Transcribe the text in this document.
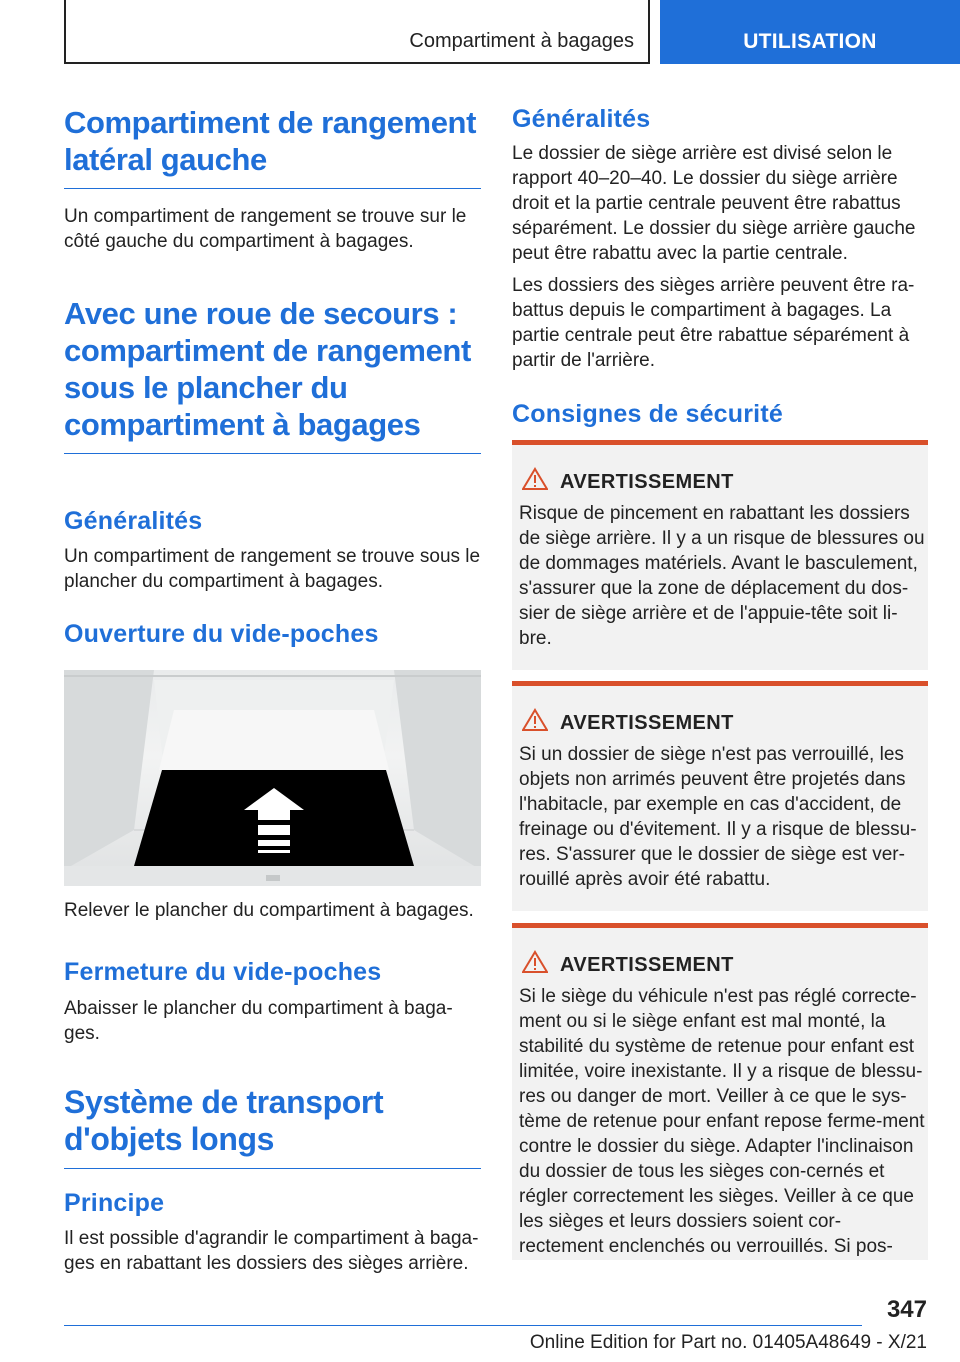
Compartiment à bagages	UTILISATION
Compartiment de rangement latéral gauche

Un compartiment de rangement se trouve sur le côté gauche du compartiment à bagages.

Avec une roue de secours : compartiment de rangement sous le plancher du compartiment à bagages
Généralités

Un compartiment de rangement se trouve sous le plancher du compartiment à bagages.

Ouverture du vide-poches

Relever le plancher du compartiment à bagages.

Fermeture du vide-poches

Abaisser le plancher du compartiment à baga-ges.

Système de transport d'objets longs
Principe

Il est possible d'agrandir le compartiment à baga-ges en rabattant les dossiers des sièges arrière.

Généralités

Le dossier de siège arrière est divisé selon le rapport 40–20–40. Le dossier du siège arrière droit et la partie centrale peuvent être rabattus séparément. Le dossier du siège arrière gauche peut être rabattu avec la partie centrale.

Les dossiers des sièges arrière peuvent être ra-battus depuis le compartiment à bagages. La partie centrale peut être rabattue séparément à partir de l'arrière.

Consignes de sécurité
AVERTISSEMENT

Risque de pincement en rabattant les dossiers de siège arrière. Il y a un risque de blessures ou de dommages matériels. Avant le basculement, s'assurer que la zone de déplacement du dos-sier de siège arrière et de l'appuie-tête soit li-bre.

AVERTISSEMENT

Si un dossier de siège n'est pas verrouillé, les objets non arrimés peuvent être projetés dans l'habitacle, par exemple en cas d'accident, de freinage ou d'évitement. Il y a risque de blessu-res. S'assurer que le dossier de siège est ver-rouillé après avoir été rabattu.

AVERTISSEMENT

Si le siège du véhicule n'est pas réglé correcte-ment ou si le siège enfant est mal monté, la stabilité du système de retenue pour enfant est limitée, voire inexistante. Il y a risque de blessu-res ou danger de mort. Veiller à ce que le sys-tème de retenue pour enfant repose ferme-ment contre le dossier du siège. Adapter l'inclinaison du dossier de tous les sièges con-cernés et régler correctement les sièges. Veiller à ce que les sièges et leurs dossiers soient cor-rectement enclenchés ou verrouillés. Si pos-

347
Online Edition for Part no. 01405A48649 - X/21
